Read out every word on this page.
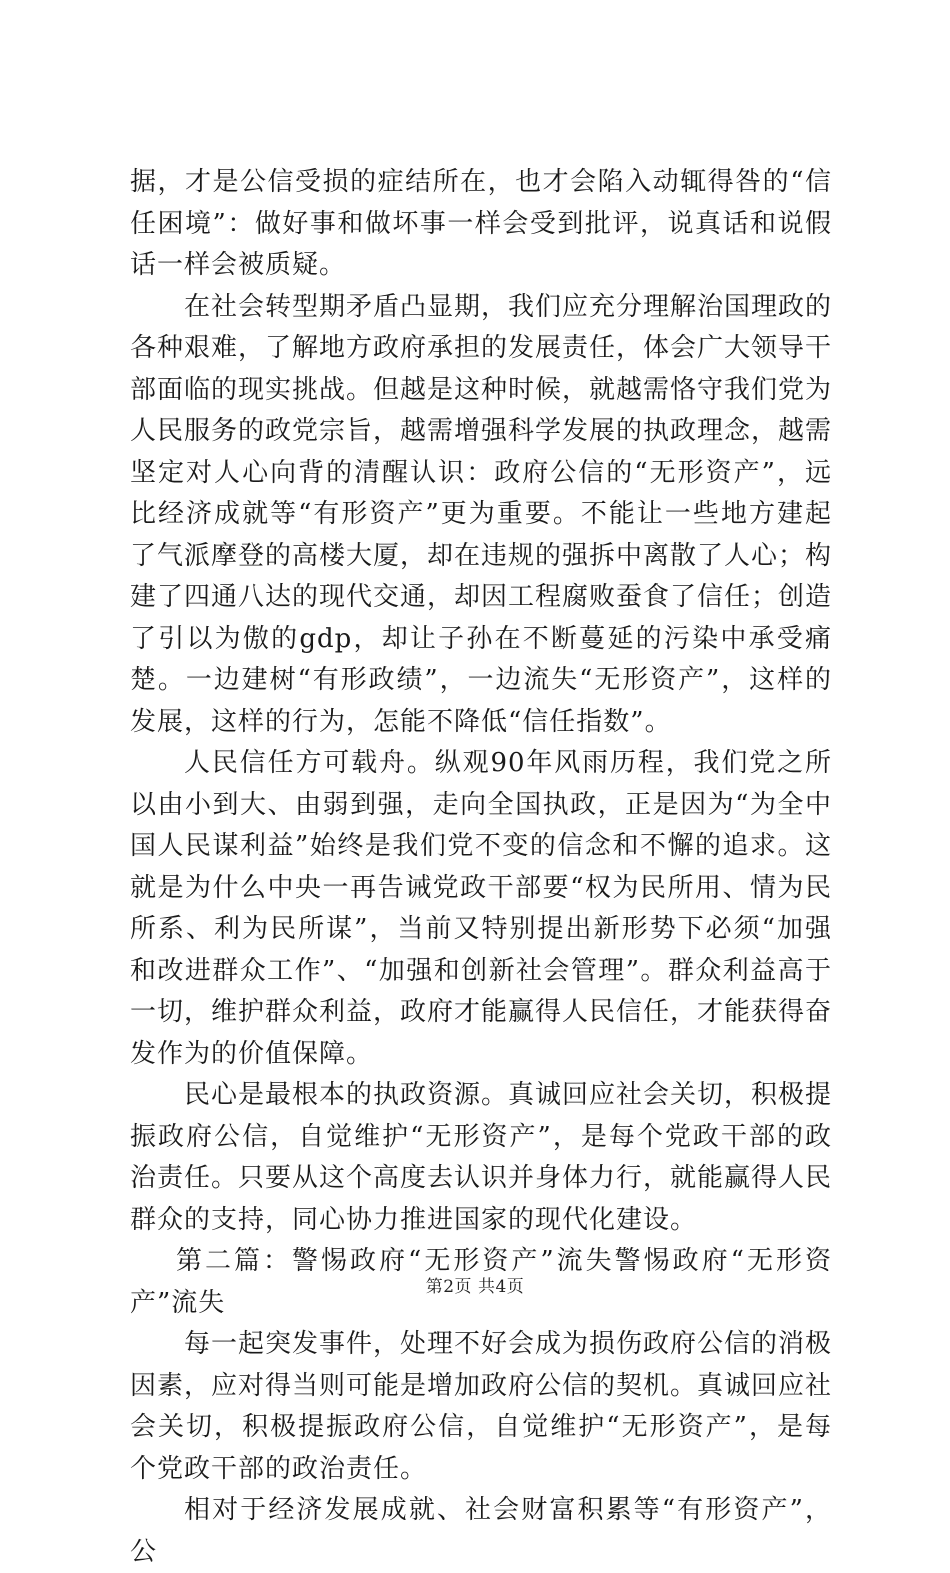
据，才是公信受损的症结所在，也才会陷入动辄得咎的“信任困境”：做好事和做坏事一样会受到批评，说真话和说假话一样会被质疑。

在社会转型期矛盾凸显期，我们应充分理解治国理政的各种艰难，了解地方政府承担的发展责任，体会广大领导干部面临的现实挑战。但越是这种时候，就越需恪守我们党为人民服务的政党宗旨，越需增强科学发展的执政理念，越需坚定对人心向背的清醒认识：政府公信的“无形资产”，远比经济成就等“有形资产”更为重要。不能让一些地方建起了气派摩登的高楼大厦，却在违规的强拆中离散了人心；构建了四通八达的现代交通，却因工程腐败蚕食了信任；创造了引以为傲的gdp，却让子孙在不断蔓延的污染中承受痛楚。一边建树“有形政绩”，一边流失“无形资产”，这样的发展，这样的行为，怎能不降低“信任指数”。

人民信任方可载舟。纵观90年风雨历程，我们党之所以由小到大、由弱到强，走向全国执政，正是因为“为全中国人民谋利益”始终是我们党不变的信念和不懈的追求。这就是为什么中央一再告诫党政干部要“权为民所用、情为民所系、利为民所谋”，当前又特别提出新形势下必须“加强和改进群众工作”、“加强和创新社会管理”。群众利益高于一切，维护群众利益，政府才能赢得人民信任，才能获得奋发作为的价值保障。

民心是最根本的执政资源。真诚回应社会关切，积极提振政府公信，自觉维护“无形资产”，是每个党政干部的政治责任。只要从这个高度去认识并身体力行，就能赢得人民群众的支持，同心协力推进国家的现代化建设。

第二篇：警惕政府“无形资产”流失警惕政府“无形资产”流失

每一起突发事件，处理不好会成为损伤政府公信的消极因素，应对得当则可能是增加政府公信的契机。真诚回应社会关切，积极提振政府公信，自觉维护“无形资产”，是每个党政干部的政治责任。

相对于经济发展成就、社会财富积累等“有形资产”，公

第2页 共4页
